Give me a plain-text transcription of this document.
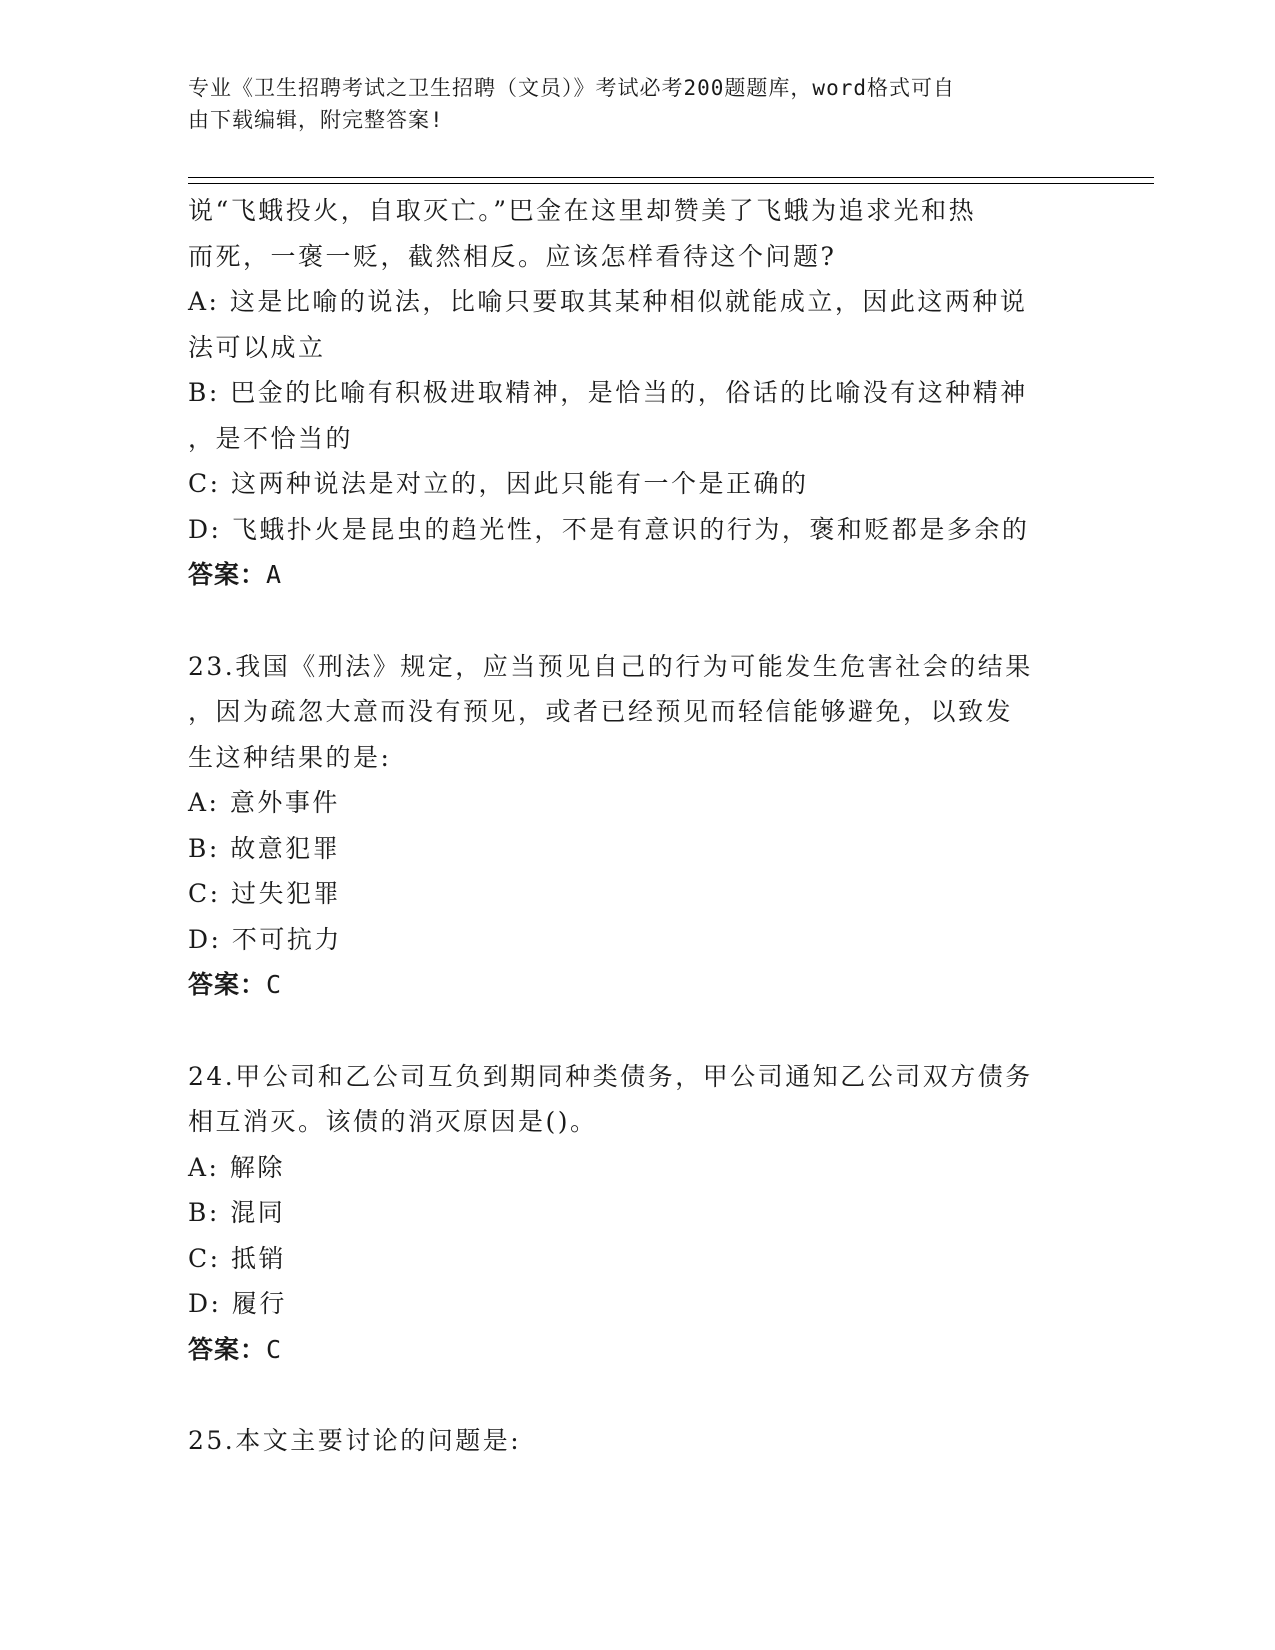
专业《卫生招聘考试之卫生招聘（文员）》考试必考200题题库，word格式可自
由下载编辑，附完整答案!
说“飞蛾投火，自取灭亡。”巴金在这里却赞美了飞蛾为追求光和热
而死，一褒一贬，截然相反。应该怎样看待这个问题?
A: 这是比喻的说法，比喻只要取其某种相似就能成立，因此这两种说
法可以成立
B: 巴金的比喻有积极进取精神，是恰当的，俗话的比喻没有这种精神
，是不恰当的
C: 这两种说法是对立的，因此只能有一个是正确的
D: 飞蛾扑火是昆虫的趋光性，不是有意识的行为，褒和贬都是多余的
答案：A
23.我国《刑法》规定，应当预见自己的行为可能发生危害社会的结果
，因为疏忽大意而没有预见，或者已经预见而轻信能够避免，以致发
生这种结果的是:
A: 意外事件
B: 故意犯罪
C: 过失犯罪
D: 不可抗力
答案：C
24.甲公司和乙公司互负到期同种类债务，甲公司通知乙公司双方债务
相互消灭。该债的消灭原因是()。
A: 解除
B: 混同
C: 抵销
D: 履行
答案：C
25.本文主要讨论的问题是:
